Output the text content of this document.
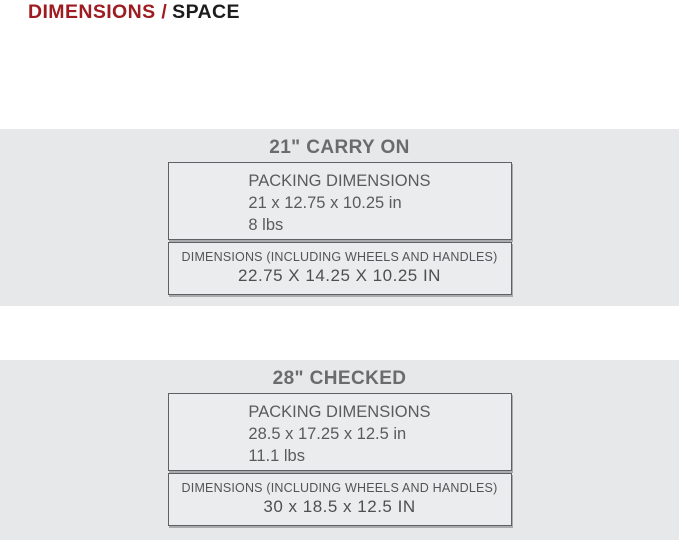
DIMENSIONS / SPACE
21" CARRY ON
PACKING DIMENSIONS
21 x 12.75 x 10.25 in
8 lbs
DIMENSIONS (INCLUDING WHEELS AND HANDLES)
22.75 X 14.25 X 10.25 IN
28" CHECKED
PACKING DIMENSIONS
28.5 x 17.25 x 12.5 in
11.1 lbs
DIMENSIONS (INCLUDING WHEELS AND HANDLES)
30 x 18.5 x 12.5 IN
